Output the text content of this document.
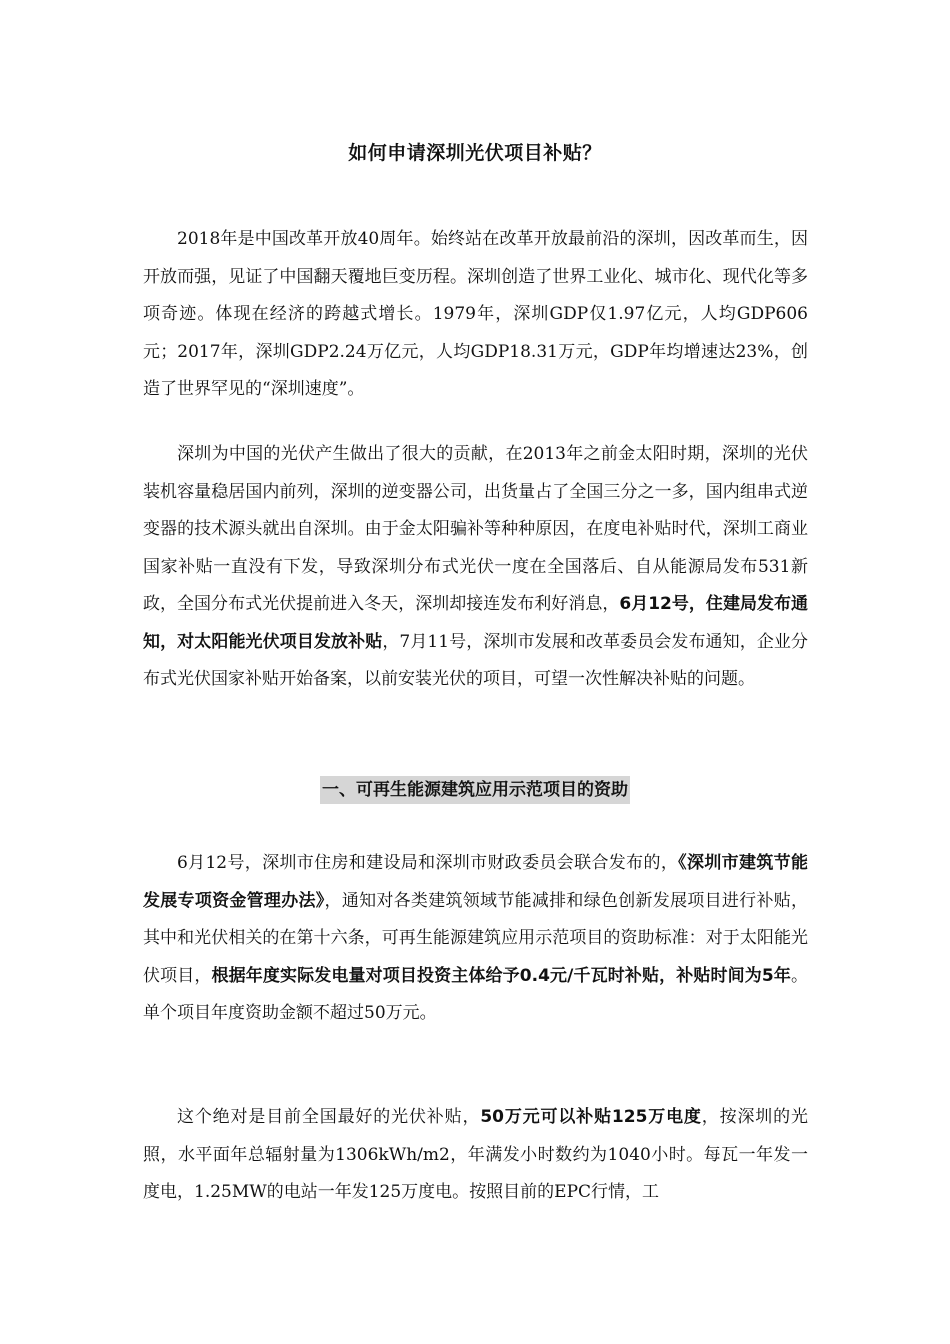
如何申请深圳光伏项目补贴？

2018年是中国改革开放40周年。始终站在改革开放最前沿的深圳，因改革而生，因开放而强，见证了中国翻天覆地巨变历程。深圳创造了世界工业化、城市化、现代化等多项奇迹。体现在经济的跨越式增长。1979年，深圳GDP仅1.97亿元，人均GDP606元；2017年，深圳GDP2.24万亿元，人均GDP18.31万元，GDP年均增速达23%，创造了世界罕见的“深圳速度”。

深圳为中国的光伏产生做出了很大的贡献，在2013年之前金太阳时期，深圳的光伏装机容量稳居国内前列，深圳的逆变器公司，出货量占了全国三分之一多，国内组串式逆变器的技术源头就出自深圳。由于金太阳骗补等种种原因，在度电补贴时代，深圳工商业国家补贴一直没有下发，导致深圳分布式光伏一度在全国落后、自从能源局发布531新政，全国分布式光伏提前进入冬天，深圳却接连发布利好消息，6月12号，住建局发布通知，对太阳能光伏项目发放补贴，7月11号，深圳市发展和改革委员会发布通知，企业分布式光伏国家补贴开始备案，以前安装光伏的项目，可望一次性解决补贴的问题。

一、可再生能源建筑应用示范项目的资助

6月12号，深圳市住房和建设局和深圳市财政委员会联合发布的，《深圳市建筑节能发展专项资金管理办法》，通知对各类建筑领域节能减排和绿色创新发展项目进行补贴，其中和光伏相关的在第十六条，可再生能源建筑应用示范项目的资助标准：对于太阳能光伏项目，根据年度实际发电量对项目投资主体给予0.4元/千瓦时补贴，补贴时间为5年。单个项目年度资助金额不超过50万元。

这个绝对是目前全国最好的光伏补贴，50万元可以补贴125万电度，按深圳的光照，水平面年总辐射量为1306kWh/m2，年满发小时数约为1040小时。每瓦一年发一度电，1.25MW的电站一年发125万度电。按照目前的EPC行情，工
